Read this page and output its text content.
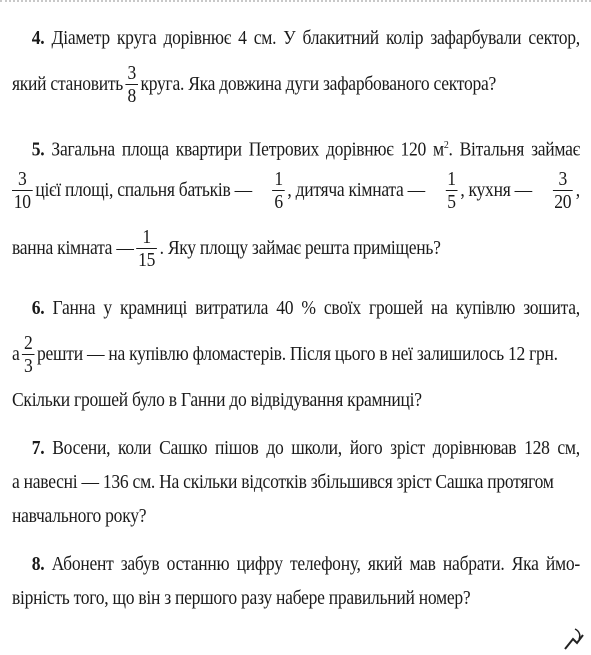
4. Діаметр круга дорівнює 4 см. У блакитний колір зафарбували сектор,
який становить $\frac{3}{8}$ круга. Яка довжина дуги зафарбованого сектора?
5. Загальна площа квартири Петрових дорівнює 120 $м^2$. Вітальня займає
$\frac{3}{10}$ цієї площі, спальня батьків — $\frac{1}{6}$ , дитяча кімната — $\frac{1}{5}$ , кухня — $\frac{3}{20}$ ,
ванна кімната — $\frac{1}{15}$ . Яку площу займає решта приміщень?
6. Ганна у крамниці витратила 40 % своїх грошей на купівлю зошита,
а $\frac{2}{3}$ решти — на купівлю фломастерів. Після цього в неї залишилось 12 грн.
Скільки грошей було в Ганни до відвідування крамниці?
7. Восени, коли Сашко пішов до школи, його зріст дорівнював 128 см,
а навесні — 136 см. На скільки відсотків збільшився зріст Сашка протягом
навчального року?
8. Абонент забув останню цифру телефону, який мав набрати. Яка ймо-
вірність того, що він з першого разу набере правильний номер?
